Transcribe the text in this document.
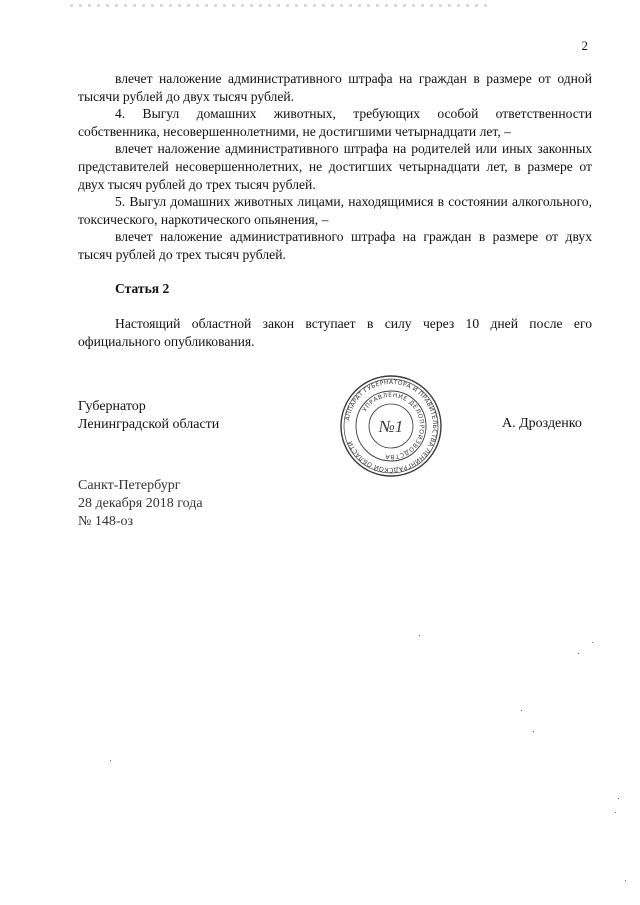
2

влечет наложение административного штрафа на граждан в размере от одной тысячи рублей до двух тысяч рублей.

4. Выгул домашних животных, требующих особой ответственности собственника, несовершеннолетними, не достигшими четырнадцати лет, –

влечет наложение административного штрафа на родителей или иных законных представителей несовершеннолетних, не достигших четырнадцати лет, в размере от двух тысяч рублей до трех тысяч рублей.

5. Выгул домашних животных лицами, находящимися в состоянии алкогольного, токсического, наркотического опьянения, –

влечет наложение административного штрафа на граждан в размере от двух тысяч рублей до трех тысяч рублей.

Статья 2

Настоящий областной закон вступает в силу через 10 дней после его официального опубликования.

Губернатор

Ленинградской области	АППАРАТ ГУБЕРНАТОРА И ПРАВИТЕЛЬСТВА ЛЕНИНГРАДСКОЙ ОБЛАСТИ
УПРАВЛЕНИЕ ДЕЛОПРОИЗВОДСТВА
№1	А. Дрозденко

Санкт-Петербург

28 декабря 2018 года

№ 148-оз
